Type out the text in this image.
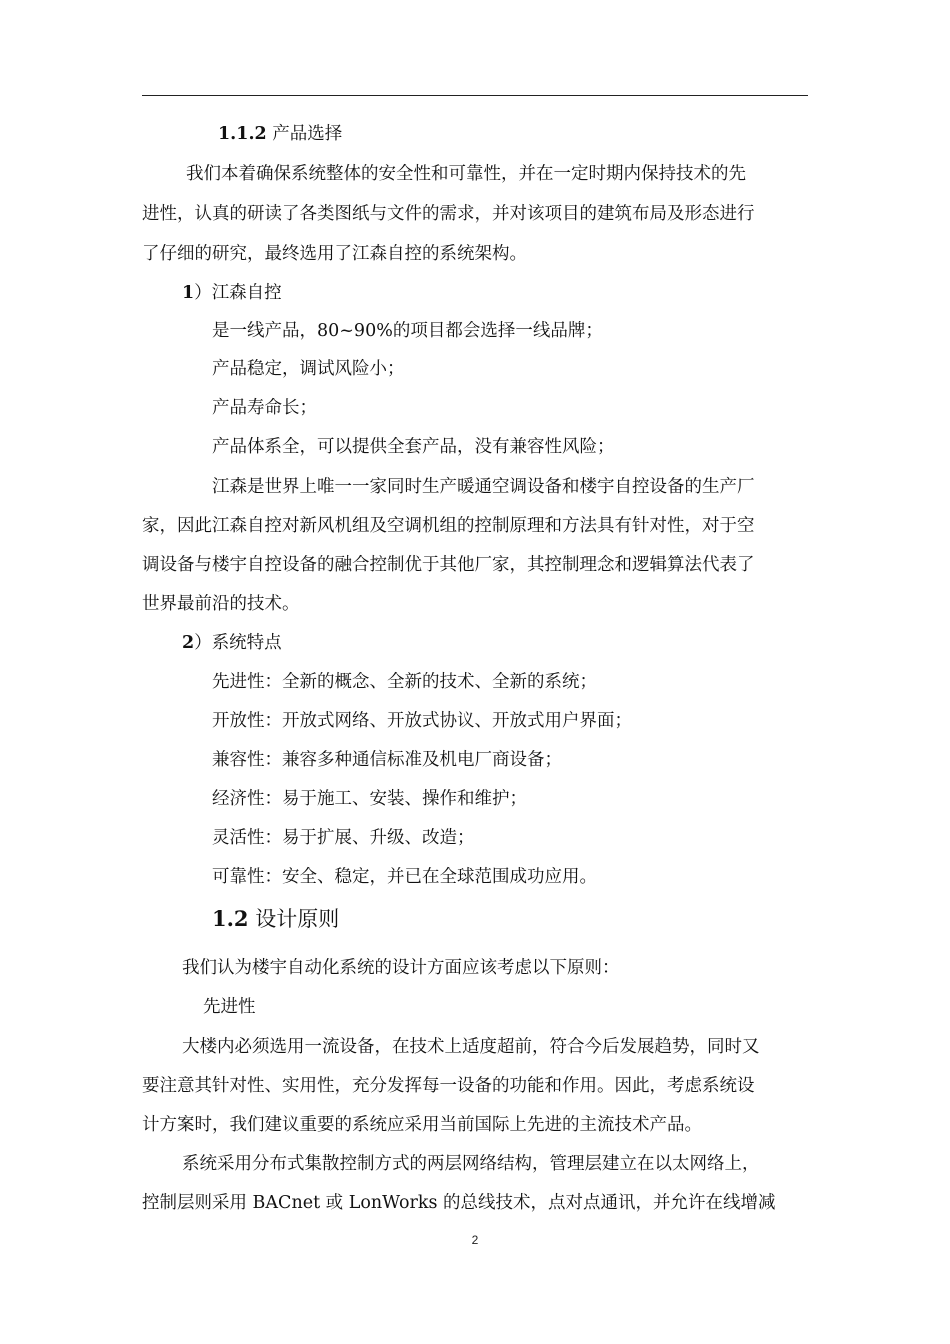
1.1.2 产品选择
我们本着确保系统整体的安全性和可靠性，并在一定时期内保持技术的先
进性，认真的研读了各类图纸与文件的需求，并对该项目的建筑布局及形态进行
了仔细的研究，最终选用了江森自控的系统架构。
1）江森自控
是一线产品，80~90%的项目都会选择一线品牌；
产品稳定，调试风险小；
产品寿命长；
产品体系全，可以提供全套产品，没有兼容性风险；
江森是世界上唯一一家同时生产暖通空调设备和楼宇自控设备的生产厂
家，因此江森自控对新风机组及空调机组的控制原理和方法具有针对性，对于空
调设备与楼宇自控设备的融合控制优于其他厂家，其控制理念和逻辑算法代表了
世界最前沿的技术。
2）系统特点
先进性：全新的概念、全新的技术、全新的系统；
开放性：开放式网络、开放式协议、开放式用户界面；
兼容性：兼容多种通信标准及机电厂商设备；
经济性：易于施工、安装、操作和维护；
灵活性：易于扩展、升级、改造；
可靠性：安全、稳定，并已在全球范围成功应用。
1.2 设计原则
我们认为楼宇自动化系统的设计方面应该考虑以下原则：
先进性
大楼内必须选用一流设备，在技术上适度超前，符合今后发展趋势，同时又
要注意其针对性、实用性，充分发挥每一设备的功能和作用。因此，考虑系统设
计方案时，我们建议重要的系统应采用当前国际上先进的主流技术产品。
系统采用分布式集散控制方式的两层网络结构，管理层建立在以太网络上，
控制层则采用 BACnet 或 LonWorks 的总线技术，点对点通讯，并允许在线增减
2
